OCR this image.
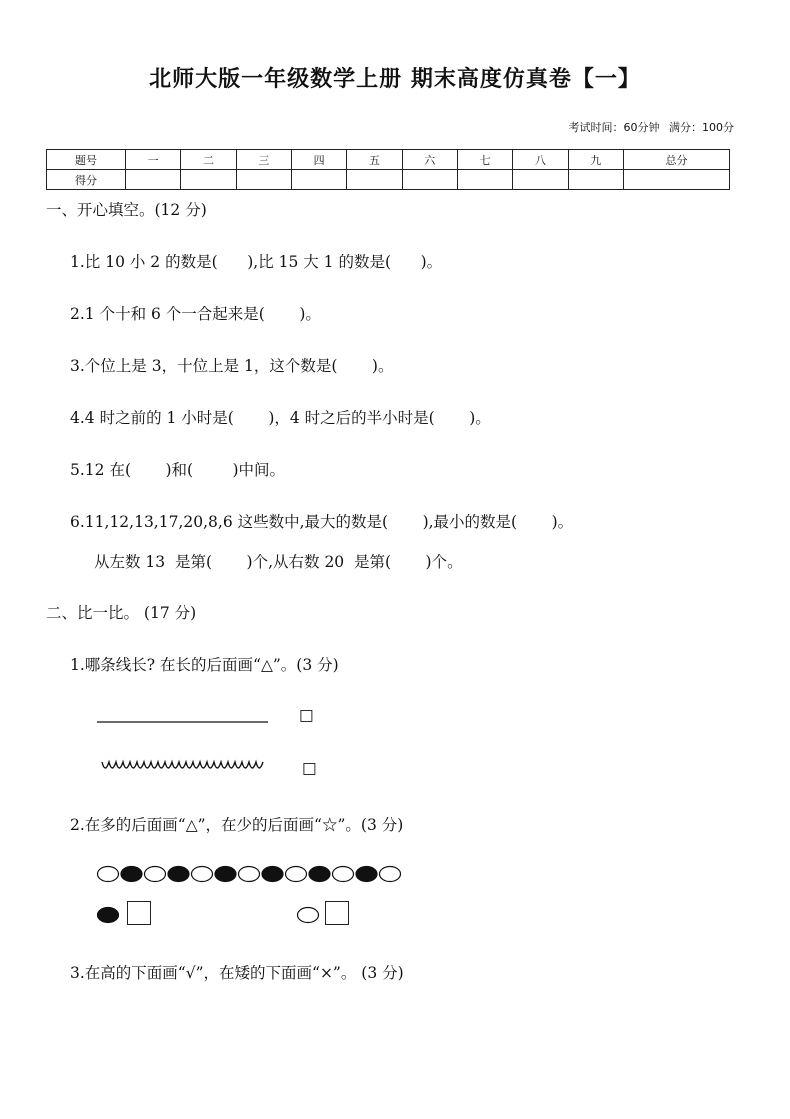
北师大版一年级数学上册 期末高度仿真卷【一】
考试时间：60分钟 满分：100分
题号	一	二	三	四	五	六	七	八	九	总分
得分										
一、开心填空。(12 分)
1.比 10 小 2 的数是(      ),比 15 大 1 的数是(      )。
2.1 个十和 6 个一合起来是(       )。
3.个位上是 3，十位上是 1，这个数是(       )。
4.4 时之前的 1 小时是(       )，4 时之后的半小时是(       )。
5.12 在(       )和(        )中间。
6.11,12,13,17,20,8,6 这些数中,最大的数是(       ),最小的数是(       )。
从左数 13  是第(       )个,从右数 20  是第(       )个。
二、比一比。 (17 分)
1.哪条线长? 在长的后面画“△”。(3 分)
□
□
2.在多的后面画“△”，在少的后面画“☆”。(3 分)
3.在高的下面画“√”，在矮的下面画“×”。 (3 分)
